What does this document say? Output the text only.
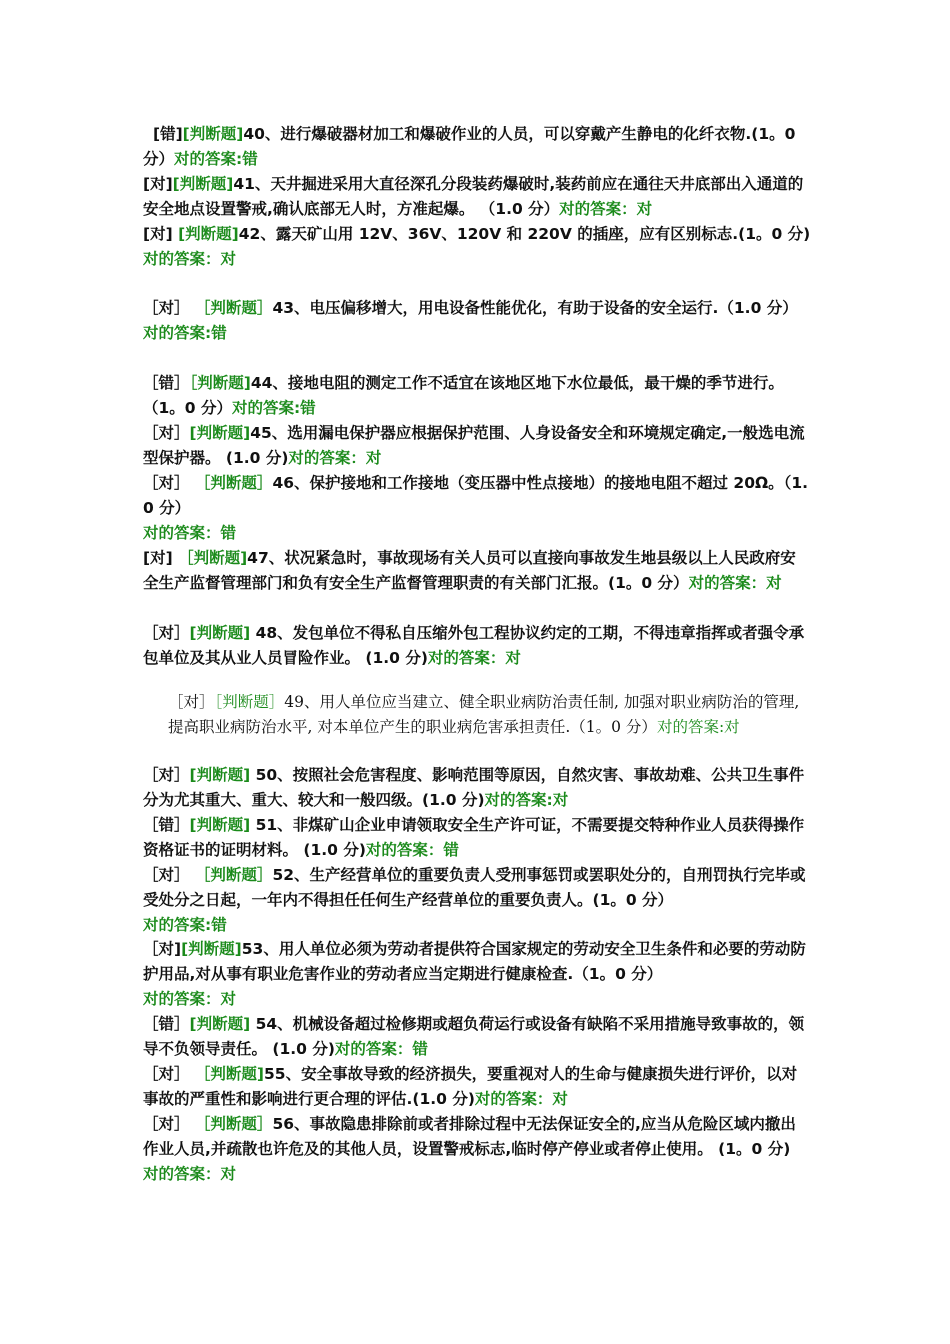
[错][判断题]40、进行爆破器材加工和爆破作业的人员，可以穿戴产生静电的化纤衣物.(1。0 分）对的答案:错
[对][判断题]41、天井掘进采用大直径深孔分段装药爆破时,装药前应在通往天井底部出入通道的安全地点设置警戒,确认底部无人时，方准起爆。 （1.0 分）对的答案：对
[对] [判断题]42、露天矿山用 12V、36V、120V 和 220V 的插座，应有区别标志.(1。0 分)
对的答案：对
［对］ ［判断题］43、电压偏移增大，用电设备性能优化，有助于设备的安全运行.（1.0 分）
对的答案:错
［错］［判断题]44、接地电阻的测定工作不适宜在该地区地下水位最低，最干燥的季节进行。（1。0 分）对的答案:错
［对］[判断题]45、选用漏电保护器应根据保护范围、人身设备安全和环境规定确定,一般选电流型保护器。 (1.0 分)对的答案：对
［对］ ［判断题］46、保护接地和工作接地（变压器中性点接地）的接地电阻不超过 20Ω。（1.0 分）
对的答案：错
[对] ［判断题]47、状况紧急时，事故现场有关人员可以直接向事故发生地县级以上人民政府安全生产监督管理部门和负有安全生产监督管理职责的有关部门汇报。(1。0 分）对的答案：对
［对］[判断题] 48、发包单位不得私自压缩外包工程协议约定的工期，不得违章指挥或者强令承包单位及其从业人员冒险作业。 (1.0 分)对的答案：对
［对］［判断题］49、用人单位应当建立、健全职业病防治责任制, 加强对职业病防治的管理, 提高职业病防治水平, 对本单位产生的职业病危害承担责任.（1。0 分）对的答案:对
［对］[判断题] 50、按照社会危害程度、影响范围等原因，自然灾害、事故劫难、公共卫生事件分为尤其重大、重大、较大和一般四级。(1.0 分)对的答案:对
［错］[判断题] 51、非煤矿山企业申请领取安全生产许可证，不需要提交特种作业人员获得操作资格证书的证明材料。 (1.0 分)对的答案：错
［对］ ［判断题］52、生产经营单位的重要负责人受刑事惩罚或罢职处分的，自刑罚执行完毕或受处分之日起，一年内不得担任任何生产经营单位的重要负责人。(1。0 分）
对的答案:错
［对][判断题]53、用人单位必须为劳动者提供符合国家规定的劳动安全卫生条件和必要的劳动防护用品,对从事有职业危害作业的劳动者应当定期进行健康检查.（1。0 分）
对的答案：对
［错］[判断题] 54、机械设备超过检修期或超负荷运行或设备有缺陷不采用措施导致事故的，领导不负领导责任。 (1.0 分)对的答案：错
［对］ ［判断题]55、安全事故导致的经济损失，要重视对人的生命与健康损失进行评价，以对事故的严重性和影响进行更合理的评估.(1.0 分)对的答案：对
［对］ ［判断题］56、事故隐患排除前或者排除过程中无法保证安全的,应当从危险区域内撤出作业人员,并疏散也许危及的其他人员，设置警戒标志,临时停产停业或者停止使用。 (1。0 分)
对的答案：对
